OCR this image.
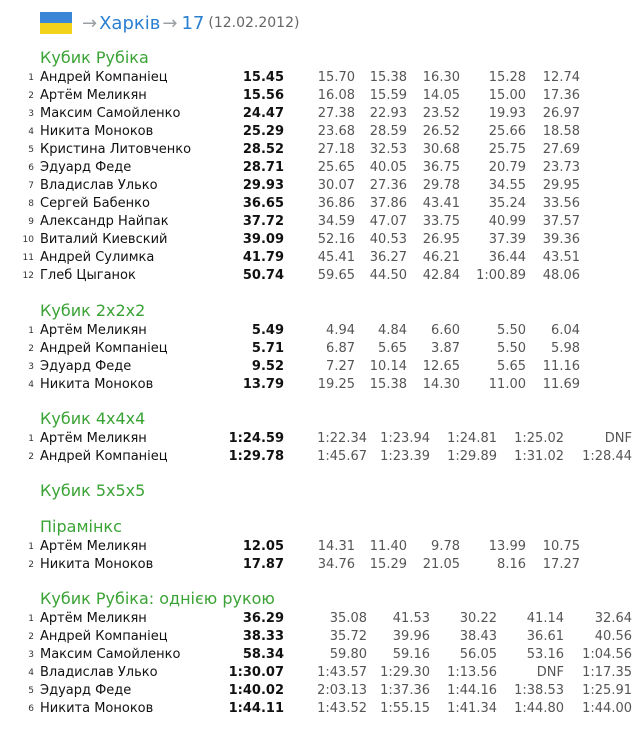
→ Харків → 17 (12.02.2012)
Кубик Рубіка
1 Андрей Компанiец	15.45	15.70 15.38 16.30 15.28 12.74
2 Артём Меликян	15.56	16.08 15.59 14.05 15.00 17.36
3 Максим Самойленко	24.47	27.38 22.93 23.52 19.93 26.97
4 Никита Моноков	25.29	23.68 28.59 26.52 25.66 18.58
5 Кристина Литовченко	28.52	27.18 32.53 30.68 25.75 27.69
6 Эдуард Феде	28.71	25.65 40.05 36.75 20.79 23.73
7 Владислав Улько	29.93	30.07 27.36 29.78 34.55 29.95
8 Сергей Бабенко	36.65	36.86 37.86 43.41 35.24 33.56
9 Александр Найпак	37.72	34.59 47.07 33.75 40.99 37.57
10 Виталий Киевский	39.09	52.16 40.53 26.95 37.39 39.36
11 Андрей Сулимка	41.79	45.41 36.27 46.21 36.44 43.51
12 Глеб Цыганок	50.74	59.65 44.50 42.84 1:00.89 48.06
Кубик 2x2x2
1 Артём Меликян	5.49	4.94 4.84 6.60	5.50 6.04
2 Андрей Компанiец	5.71	6.87 5.65 3.87	5.50 5.98
3 Эдуард Феде	9.52	7.27 10.14 12.65	5.65 11.16
4 Никита Моноков	13.79	19.25 15.38 14.30 11.00 11.69
Кубик 4x4x4
1 Артём Меликян	1:24.59	1:22.34 1:23.94 1:24.81 1:25.02	DNF
2 Андрей Компанiец	1:29.78	1:45.67 1:23.39 1:29.89 1:31.02 1:28.44
Кубик 5x5x5
Пірамінкс
1 Артём Меликян	12.05	14.31 11.40 9.78 13.99 10.75
2 Никита Моноков	17.87	34.76 15.29 21.05	8.16 17.27
Кубик Рубіка: однією рукою
1 Артём Меликян	36.29	35.08 41.53 30.22 41.14 32.64
2 Андрей Компанiец	38.33	35.72 39.96 38.43 36.61 40.56
3 Максим Самойленко	58.34	59.80 59.16 56.05 53.16 1:04.56
4 Владислав Улько	1:30.07	1:43.57 1:29.30 1:13.56	DNF 1:17.35
5 Эдуард Феде	1:40.02	2:03.13 1:37.36 1:44.16 1:38.53 1:25.91
6 Никита Моноков	1:44.11	1:43.52 1:55.15 1:41.34 1:44.80 1:44.00
